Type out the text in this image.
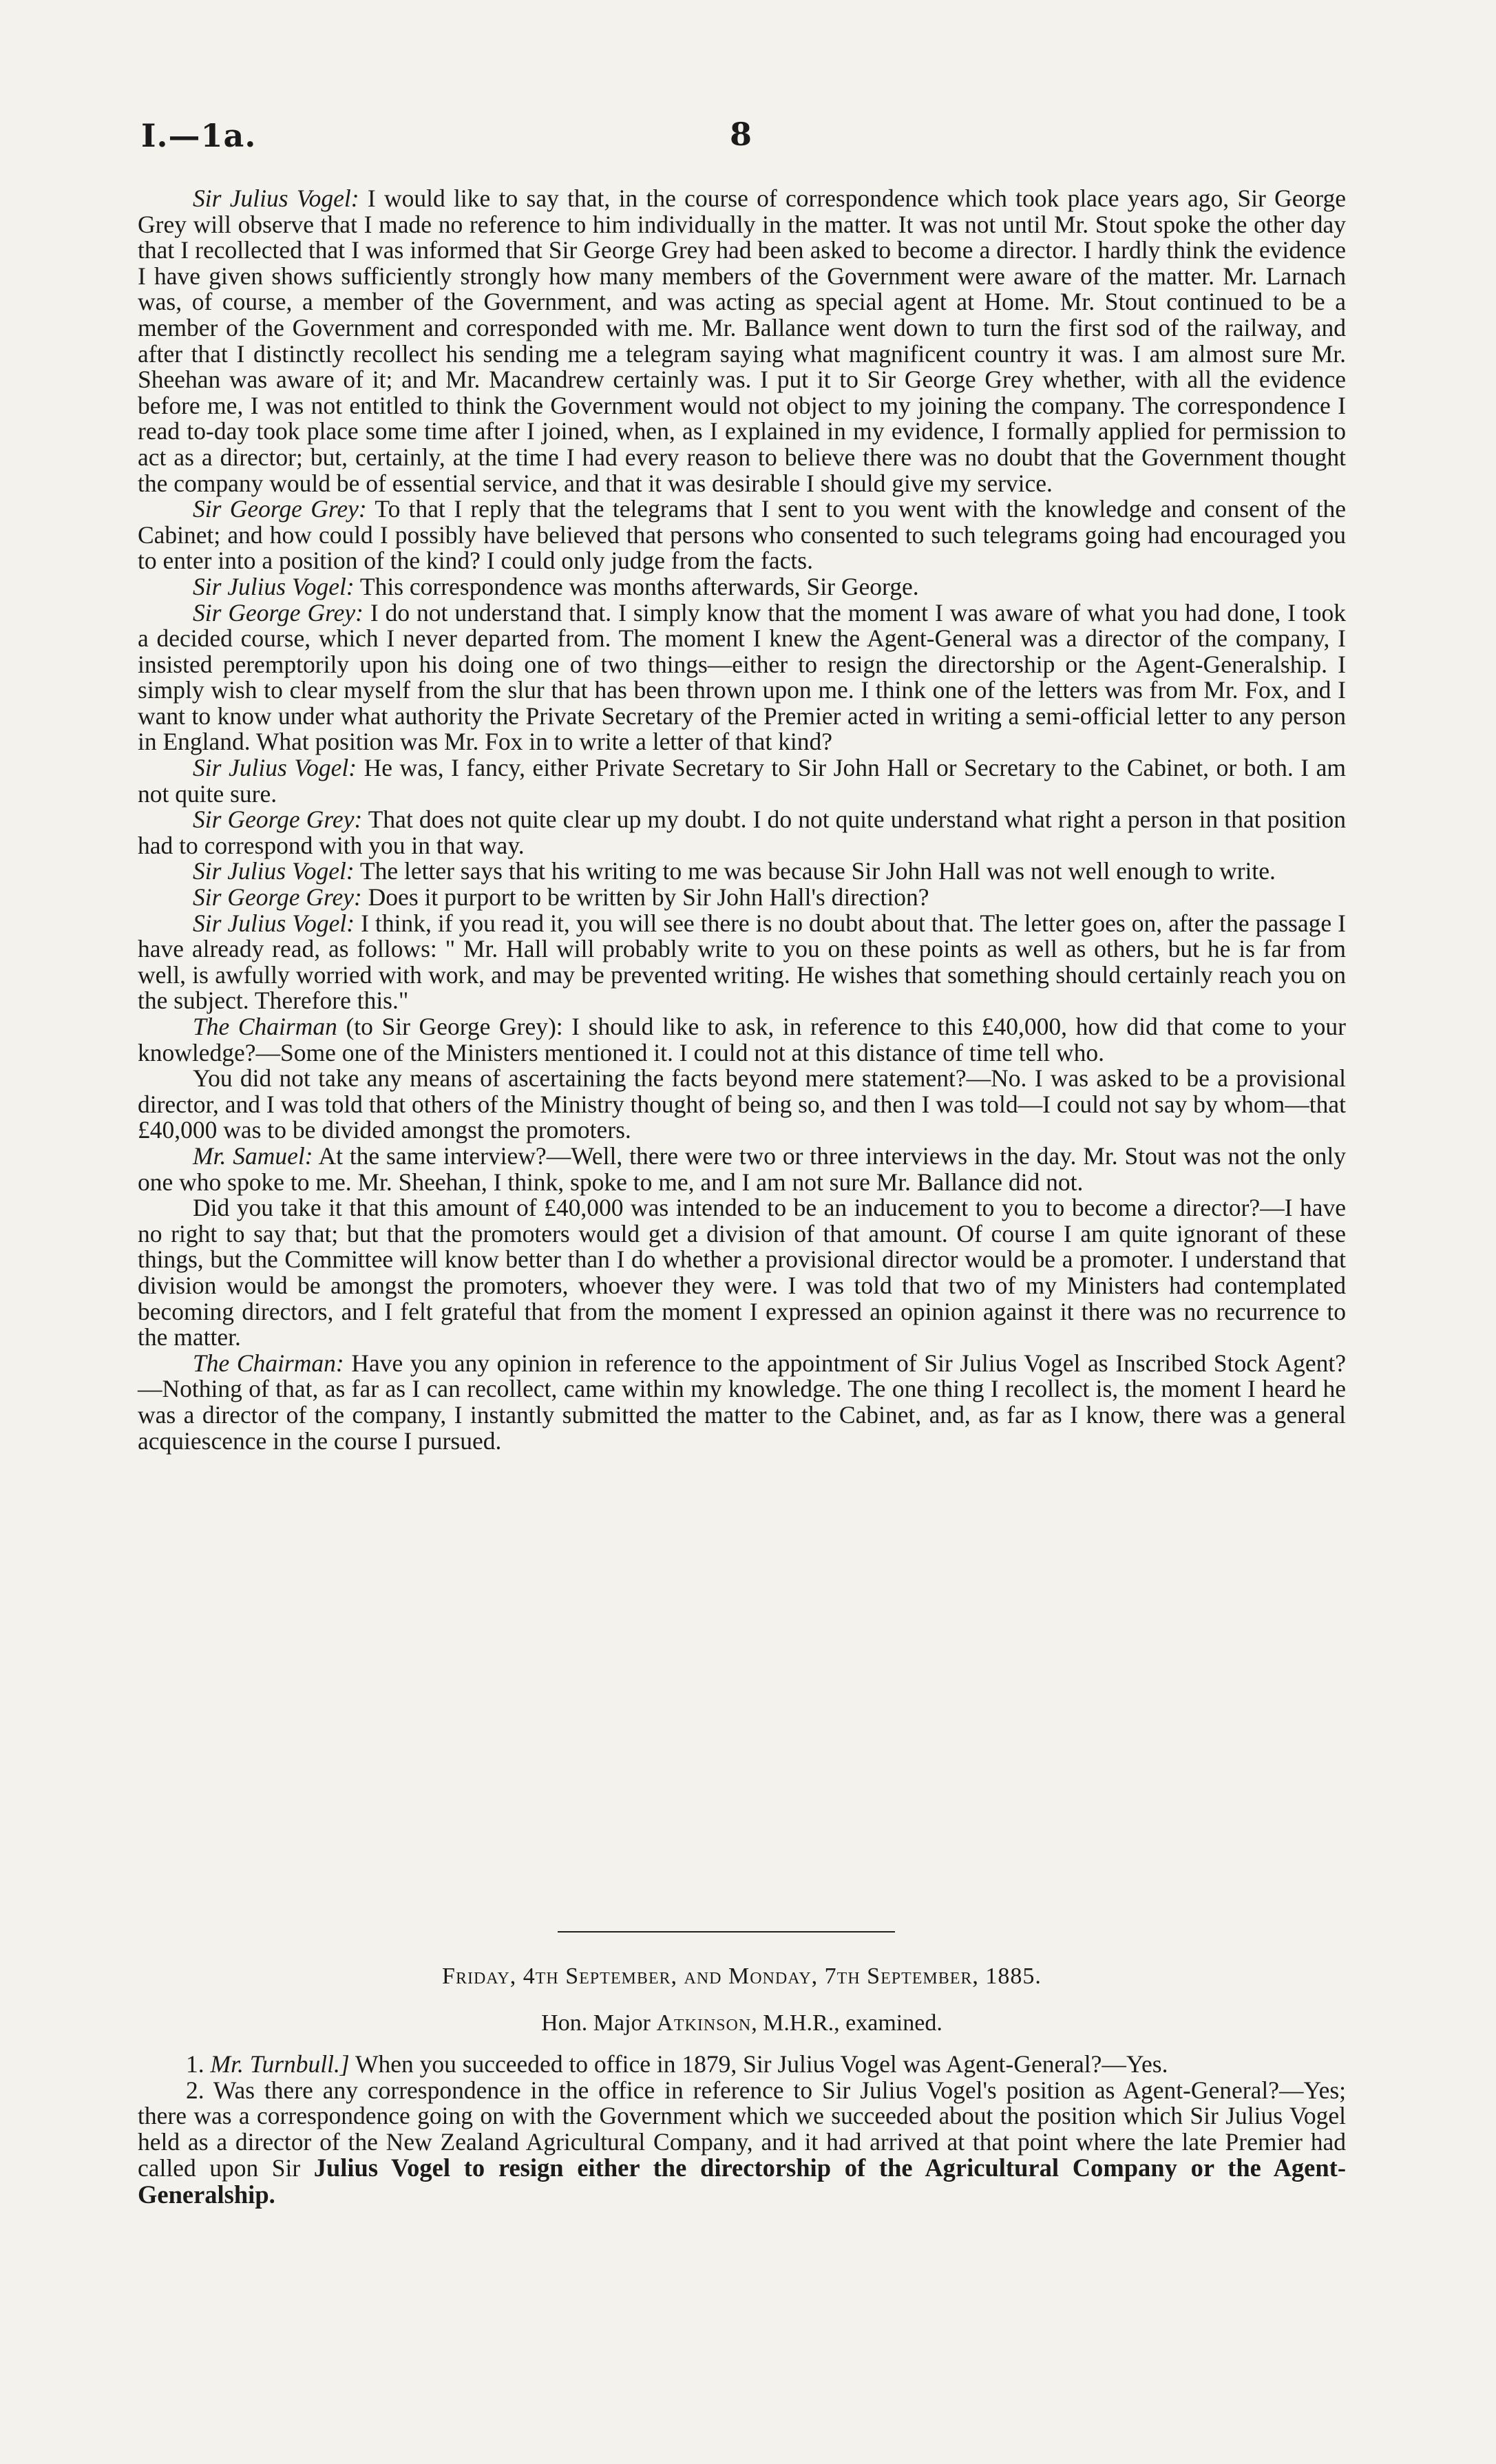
I.—1a.	8

Sir Julius Vogel: I would like to say that, in the course of correspondence which took place years ago, Sir George Grey will observe that I made no reference to him individually in the matter. It was not until Mr. Stout spoke the other day that I recollected that I was informed that Sir George Grey had been asked to become a director. I hardly think the evidence I have given shows sufficiently strongly how many members of the Government were aware of the matter. Mr. Larnach was, of course, a member of the Government, and was acting as special agent at Home. Mr. Stout continued to be a member of the Government and corresponded with me. Mr. Ballance went down to turn the first sod of the railway, and after that I distinctly recollect his sending me a telegram saying what magnificent country it was. I am almost sure Mr. Sheehan was aware of it; and Mr. Macandrew certainly was. I put it to Sir George Grey whether, with all the evidence before me, I was not entitled to think the Government would not object to my joining the company. The correspondence I read to-day took place some time after I joined, when, as I explained in my evidence, I formally applied for permission to act as a director; but, certainly, at the time I had every reason to believe there was no doubt that the Government thought the company would be of essential service, and that it was desirable I should give my service.

Sir George Grey: To that I reply that the telegrams that I sent to you went with the knowledge and consent of the Cabinet; and how could I possibly have believed that persons who consented to such telegrams going had encouraged you to enter into a position of the kind? I could only judge from the facts.

Sir Julius Vogel: This correspondence was months afterwards, Sir George.

Sir George Grey: I do not understand that. I simply know that the moment I was aware of what you had done, I took a decided course, which I never departed from. The moment I knew the Agent-General was a director of the company, I insisted peremptorily upon his doing one of two things—either to resign the directorship or the Agent-Generalship. I simply wish to clear myself from the slur that has been thrown upon me. I think one of the letters was from Mr. Fox, and I want to know under what authority the Private Secretary of the Premier acted in writing a semi-official letter to any person in England. What position was Mr. Fox in to write a letter of that kind?

Sir Julius Vogel: He was, I fancy, either Private Secretary to Sir John Hall or Secretary to the Cabinet, or both. I am not quite sure.

Sir George Grey: That does not quite clear up my doubt. I do not quite understand what right a person in that position had to correspond with you in that way.

Sir Julius Vogel: The letter says that his writing to me was because Sir John Hall was not well enough to write.

Sir George Grey: Does it purport to be written by Sir John Hall's direction?

Sir Julius Vogel: I think, if you read it, you will see there is no doubt about that. The letter goes on, after the passage I have already read, as follows: " Mr. Hall will probably write to you on these points as well as others, but he is far from well, is awfully worried with work, and may be prevented writing. He wishes that something should certainly reach you on the subject. Therefore this."

The Chairman (to Sir George Grey): I should like to ask, in reference to this £40,000, how did that come to your knowledge?—Some one of the Ministers mentioned it. I could not at this distance of time tell who.

You did not take any means of ascertaining the facts beyond mere statement?—No. I was asked to be a provisional director, and I was told that others of the Ministry thought of being so, and then I was told—I could not say by whom—that £40,000 was to be divided amongst the promoters.

Mr. Samuel: At the same interview?—Well, there were two or three interviews in the day. Mr. Stout was not the only one who spoke to me. Mr. Sheehan, I think, spoke to me, and I am not sure Mr. Ballance did not.

Did you take it that this amount of £40,000 was intended to be an inducement to you to become a director?—I have no right to say that; but that the promoters would get a division of that amount. Of course I am quite ignorant of these things, but the Committee will know better than I do whether a provisional director would be a promoter. I understand that division would be amongst the promoters, whoever they were. I was told that two of my Ministers had contemplated becoming directors, and I felt grateful that from the moment I expressed an opinion against it there was no recurrence to the matter.

The Chairman: Have you any opinion in reference to the appointment of Sir Julius Vogel as Inscribed Stock Agent?—Nothing of that, as far as I can recollect, came within my knowledge. The one thing I recollect is, the moment I heard he was a director of the company, I instantly submitted the matter to the Cabinet, and, as far as I know, there was a general acquiescence in the course I pursued.

Friday, 4th September, and Monday, 7th September, 1885.
Hon. Major Atkinson, M.H.R., examined.

1. Mr. Turnbull.] When you succeeded to office in 1879, Sir Julius Vogel was Agent-General?—Yes.

2. Was there any correspondence in the office in reference to Sir Julius Vogel's position as Agent-General?—Yes; there was a correspondence going on with the Government which we succeeded about the position which Sir Julius Vogel held as a director of the New Zealand Agricultural Company, and it had arrived at that point where the late Premier had called upon Sir Julius Vogel to resign either the directorship of the Agricultural Company or the Agent-Generalship.
